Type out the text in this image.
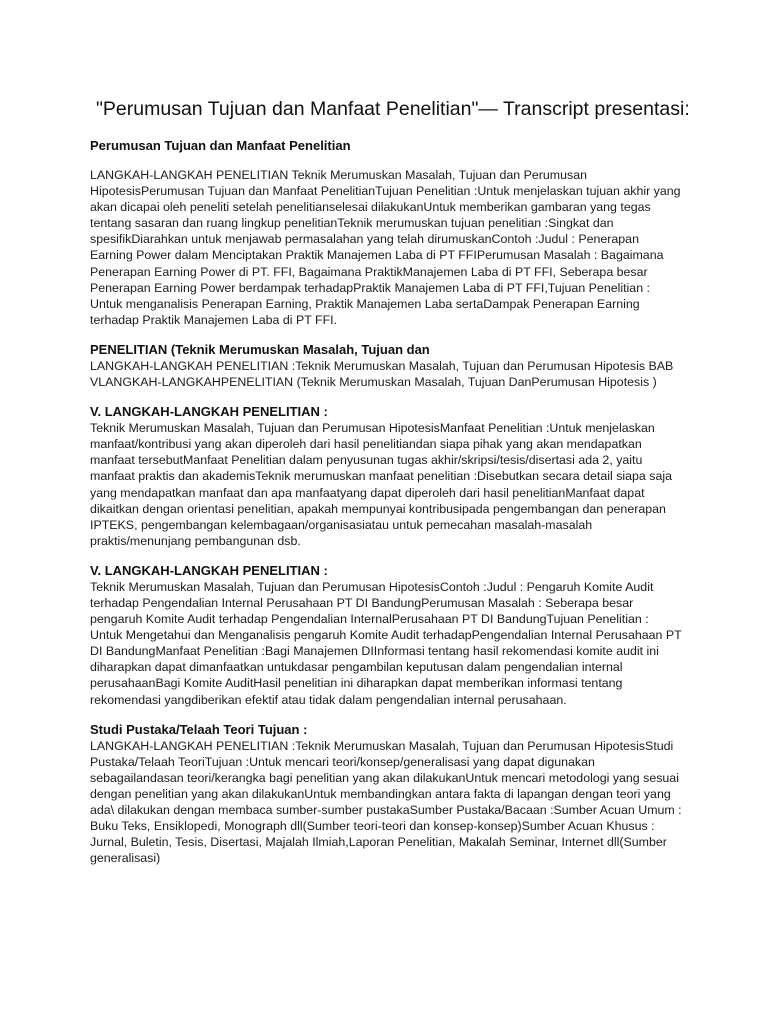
"Perumusan Tujuan dan Manfaat Penelitian"— Transcript presentasi:
Perumusan Tujuan dan Manfaat Penelitian

LANGKAH-LANGKAH PENELITIAN Teknik Merumuskan Masalah, Tujuan dan Perumusan HipotesisPerumusan Tujuan dan Manfaat PenelitianTujuan Penelitian :Untuk menjelaskan tujuan akhir yang akan dicapai oleh peneliti setelah penelitianselesai dilakukanUntuk memberikan gambaran yang tegas tentang sasaran dan ruang lingkup penelitianTeknik merumuskan tujuan penelitian :Singkat dan spesifikDiarahkan untuk menjawab permasalahan yang telah dirumuskanContoh :Judul : Penerapan Earning Power dalam Menciptakan Praktik Manajemen Laba di PT FFIPerumusan Masalah : Bagaimana Penerapan Earning Power di PT. FFI, Bagaimana PraktikManajemen Laba di PT FFI, Seberapa besar Penerapan Earning Power berdampak terhadapPraktik Manajemen Laba di PT FFI,Tujuan Penelitian : Untuk menganalisis Penerapan Earning, Praktik Manajemen Laba sertaDampak Penerapan Earning terhadap Praktik Manajemen Laba di PT FFI.

PENELITIAN (Teknik Merumuskan Masalah, Tujuan dan

LANGKAH-LANGKAH PENELITIAN :Teknik Merumuskan Masalah, Tujuan dan Perumusan Hipotesis BAB VLANGKAH-LANGKAHPENELITIAN (Teknik Merumuskan Masalah, Tujuan DanPerumusan Hipotesis )

V. LANGKAH-LANGKAH PENELITIAN :

Teknik Merumuskan Masalah, Tujuan dan Perumusan HipotesisManfaat Penelitian :Untuk menjelaskan manfaat/kontribusi yang akan diperoleh dari hasil penelitiandan siapa pihak yang akan mendapatkan manfaat tersebutManfaat Penelitian dalam penyusunan tugas akhir/skripsi/tesis/disertasi ada 2, yaitu manfaat praktis dan akademisTeknik merumuskan manfaat penelitian :Disebutkan secara detail siapa saja yang mendapatkan manfaat dan apa manfaatyang dapat diperoleh dari hasil penelitianManfaat dapat dikaitkan dengan orientasi penelitian, apakah mempunyai kontribusipada pengembangan dan penerapan IPTEKS, pengembangan kelembagaan/organisasiatau untuk pemecahan masalah-masalah praktis/menunjang pembangunan dsb.

V. LANGKAH-LANGKAH PENELITIAN :

Teknik Merumuskan Masalah, Tujuan dan Perumusan HipotesisContoh :Judul : Pengaruh Komite Audit terhadap Pengendalian Internal Perusahaan PT DI BandungPerumusan Masalah : Seberapa besar pengaruh Komite Audit terhadap Pengendalian InternalPerusahaan PT DI BandungTujuan Penelitian : Untuk Mengetahui dan Menganalisis pengaruh Komite Audit terhadapPengendalian Internal Perusahaan PT DI BandungManfaat Penelitian :Bagi Manajemen DIInformasi tentang hasil rekomendasi komite audit ini diharapkan dapat dimanfaatkan untukdasar pengambilan keputusan dalam pengendalian internal perusahaanBagi Komite AuditHasil penelitian ini diharapkan dapat memberikan informasi tentang rekomendasi yangdiberikan efektif atau tidak dalam pengendalian internal perusahaan.

Studi Pustaka/Telaah Teori Tujuan :

LANGKAH-LANGKAH PENELITIAN :Teknik Merumuskan Masalah, Tujuan dan Perumusan HipotesisStudi Pustaka/Telaah TeoriTujuan :Untuk mencari teori/konsep/generalisasi yang dapat digunakan sebagailandasan teori/kerangka bagi penelitian yang akan dilakukanUntuk mencari metodologi yang sesuai dengan penelitian yang akan dilakukanUntuk membandingkan antara fakta di lapangan dengan teori yang ada\ dilakukan dengan membaca sumber-sumber pustakaSumber Pustaka/Bacaan :Sumber Acuan Umum : Buku Teks, Ensiklopedi, Monograph dll(Sumber teori-teori dan konsep-konsep)Sumber Acuan Khusus : Jurnal, Buletin, Tesis, Disertasi, Majalah Ilmiah,Laporan Penelitian, Makalah Seminar, Internet dll(Sumber generalisasi)
